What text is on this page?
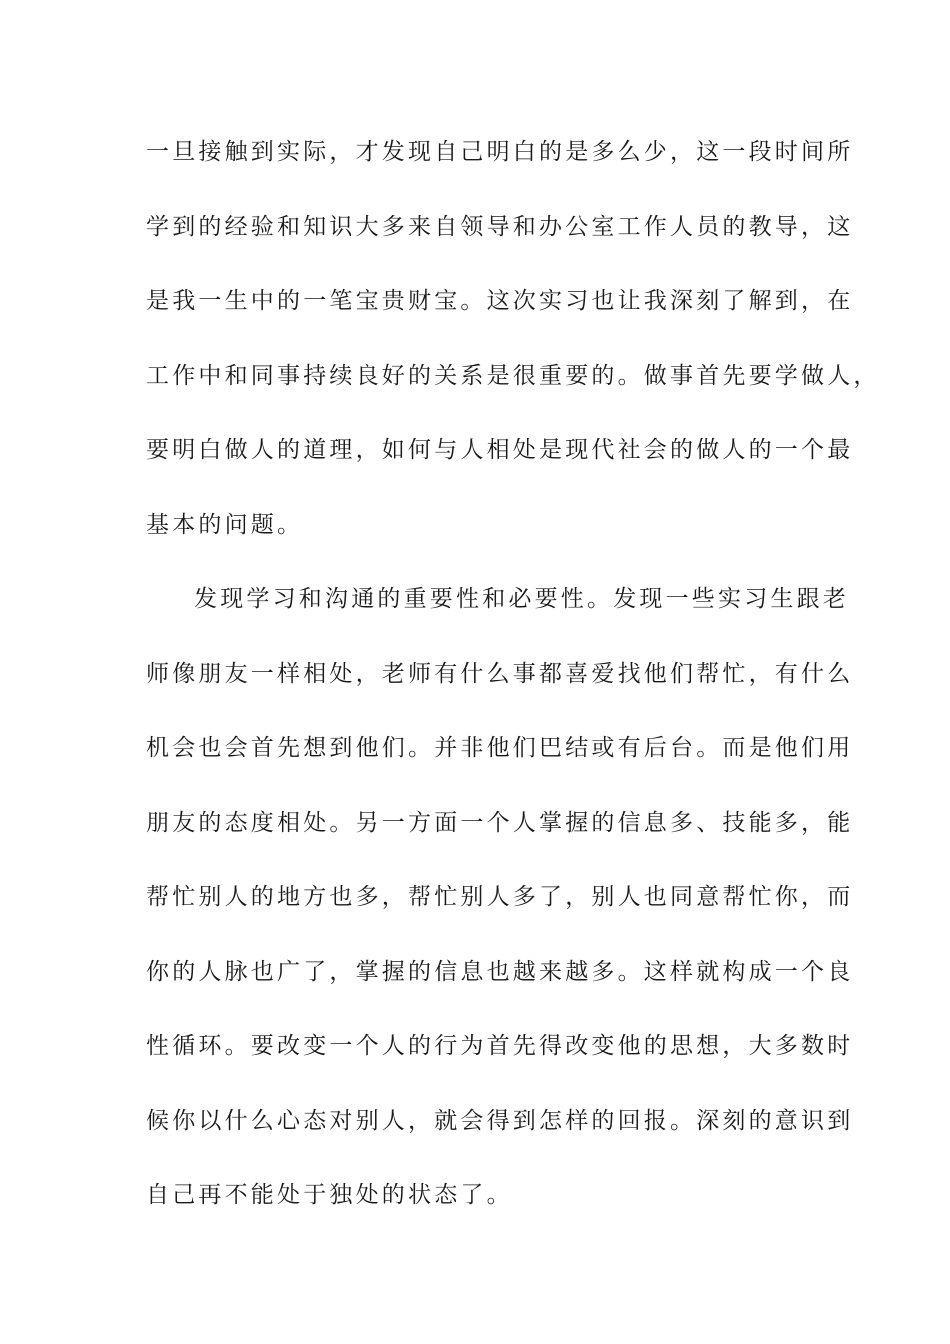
一旦接触到实际，才发现自己明白的是多么少，这一段时间所
学到的经验和知识大多来自领导和办公室工作人员的教导，这
是我一生中的一笔宝贵财宝。这次实习也让我深刻了解到，在
工作中和同事持续良好的关系是很重要的。做事首先要学做人，
要明白做人的道理，如何与人相处是现代社会的做人的一个最
基本的问题。
发现学习和沟通的重要性和必要性。发现一些实习生跟老
师像朋友一样相处，老师有什么事都喜爱找他们帮忙，有什么
机会也会首先想到他们。并非他们巴结或有后台。而是他们用
朋友的态度相处。另一方面一个人掌握的信息多、技能多，能
帮忙别人的地方也多，帮忙别人多了，别人也同意帮忙你，而
你的人脉也广了，掌握的信息也越来越多。这样就构成一个良
性循环。要改变一个人的行为首先得改变他的思想，大多数时
候你以什么心态对别人，就会得到怎样的回报。深刻的意识到
自己再不能处于独处的状态了。
